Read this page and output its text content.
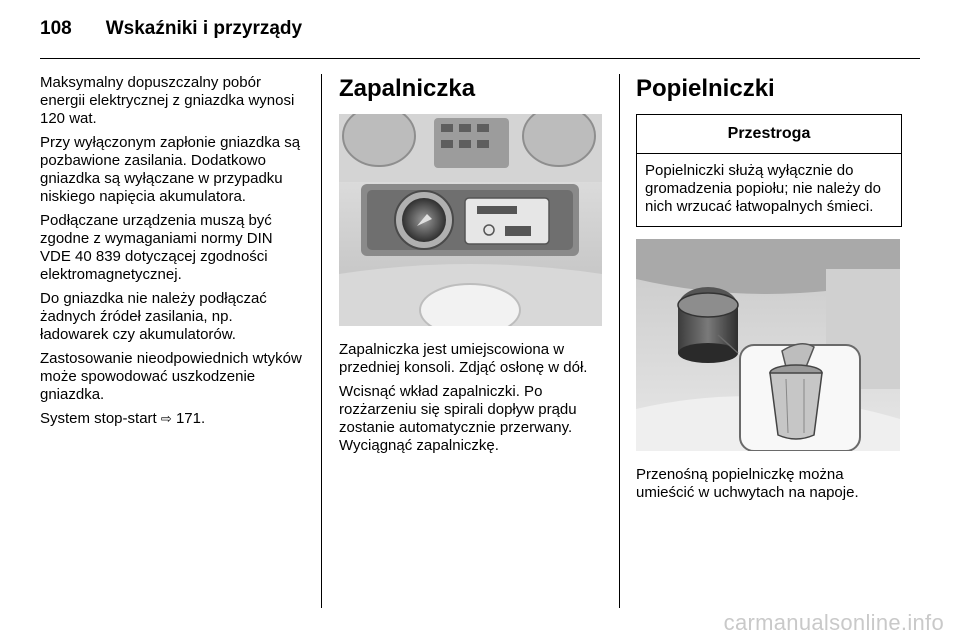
108 Wskaźniki i przyrządy

Maksymalny dopuszczalny pobór energii elektrycznej z gniazdka wynosi 120 wat.

Przy wyłączonym zapłonie gniazdka są pozbawione zasilania. Dodatkowo gniazdka są wyłączane w przypadku niskiego napięcia akumulatora.

Podłączane urządzenia muszą być zgodne z wymaganiami normy DIN VDE 40 839 dotyczącej zgodności elektromagnetycznej.

Do gniazdka nie należy podłączać żadnych źródeł zasilania, np. ładowarek czy akumulatorów.

Zastosowanie nieodpowiednich wtyków może spowodować uszkodzenie gniazdka.

System stop-start ⇨ 171.

Zapalniczka

Zapalniczka jest umiejscowiona w przedniej konsoli. Zdjąć osłonę w dół.

Wcisnąć wkład zapalniczki. Po rozżarzeniu się spirali dopływ prądu zostanie automatycznie przerwany. Wyciągnąć zapalniczkę.

Popielniczki
Przestroga
Popielniczki służą wyłącznie do gromadzenia popiołu; nie należy do nich wrzucać łatwopalnych śmieci.

Przenośną popielniczkę można umieścić w uchwytach na napoje.

carmanualsonline.info
